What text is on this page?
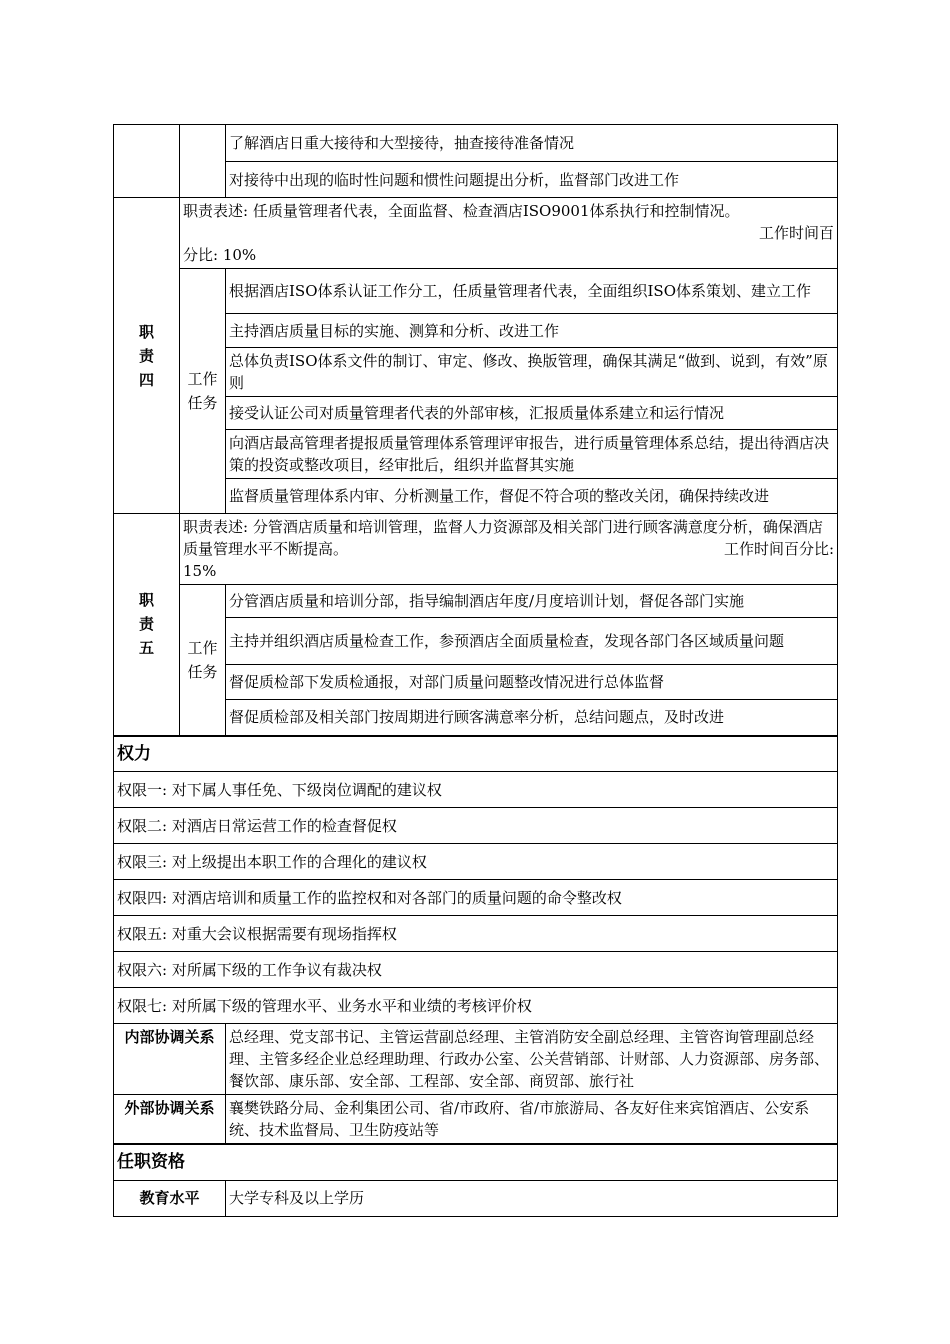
		了解酒店日重大接待和大型接待，抽查接待准备情况
		对接待中出现的临时性问题和惯性问题提出分析，监督部门改进工作
职责四	职责表述: 任质量管理者代表，全面监督、检查酒店ISO9001体系执行和控制情况。
工作时间百
分比: 10%	

	工作任务	根据酒店ISO体系认证工作分工，任质量管理者代表，全面组织ISO体系策划、建立工作
		主持酒店质量目标的实施、测算和分析、改进工作
		总体负责ISO体系文件的制订、审定、修改、换版管理，确保其满足“做到、说到，有效”原则
		接受认证公司对质量管理者代表的外部审核，汇报质量体系建立和运行情况
		向酒店最高管理者提报质量管理体系管理评审报告，进行质量管理体系总结，提出待酒店决策的投资或整改项目，经审批后，组织并监督其实施
		监督质量管理体系内审、分析测量工作，督促不符合项的整改关闭，确保持续改进
职责五	职责表述: 分管酒店质量和培训管理，监督人力资源部及相关部门进行顾客满意度分析，确保酒店质量管理水平不断提高。 工作时间百分比:
15%	

	工作任务	分管酒店质量和培训分部，指导编制酒店年度/月度培训计划，督促各部门实施
		主持并组织酒店质量检查工作，参预酒店全面质量检查，发现各部门各区域质量问题
		督促质检部下发质检通报，对部门质量问题整改情况进行总体监督
		督促质检部及相关部门按周期进行顾客满意率分析，总结问题点，及时改进
权力		
权限一: 对下属人事任免、下级岗位调配的建议权		
权限二: 对酒店日常运营工作的检查督促权		
权限三: 对上级提出本职工作的合理化的建议权		
权限四: 对酒店培训和质量工作的监控权和对各部门的质量问题的命令整改权		
权限五: 对重大会议根据需要有现场指挥权		
权限六: 对所属下级的工作争议有裁决权		
权限七: 对所属下级的管理水平、业务水平和业绩的考核评价权		
内部协调关系		总经理、党支部书记、主管运营副总经理、主管消防安全副总经理、主管咨询管理副总经理、主管多经企业总经理助理、行政办公室、公关营销部、计财部、人力资源部、房务部、餐饮部、康乐部、安全部、工程部、安全部、商贸部、旅行社
外部协调关系		襄樊铁路分局、金利集团公司、省/市政府、省/市旅游局、各友好住来宾馆酒店、公安系统、技术监督局、卫生防疫站等
任职资格		
教育水平		大学专科及以上学历
